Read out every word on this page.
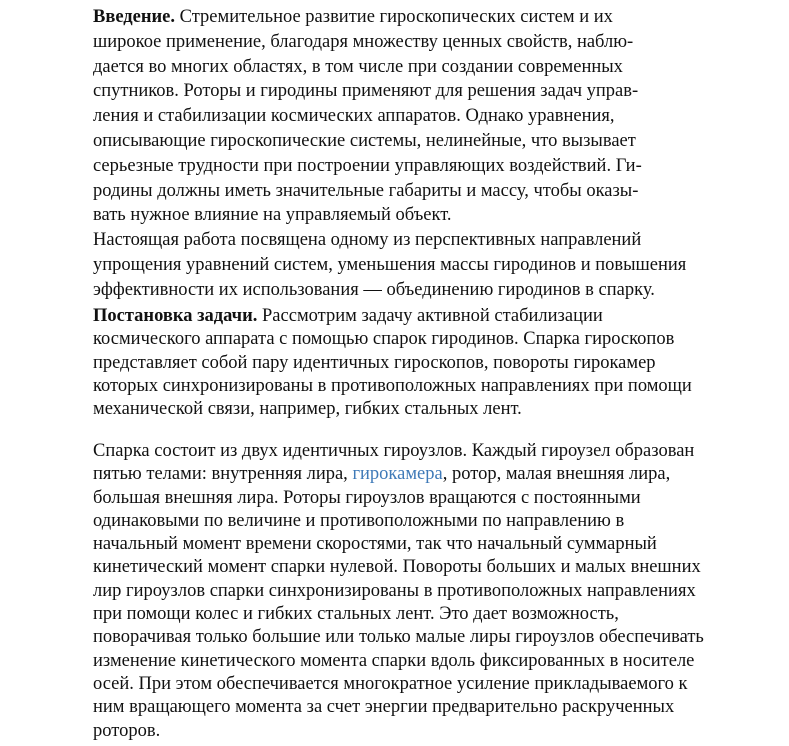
Введение. Стремительное развитие гироскопических систем и их
широкое применение, благодаря множеству ценных свойств, наблю-
дается во многих областях, в том числе при создании современных
спутников. Роторы и гиродины применяют для решения задач управ-
ления и стабилизации космических аппаратов. Однако уравнения,
описывающие гироскопические системы, нелинейные, что вызывает
серьезные трудности при построении управляющих воздействий. Ги-
родины должны иметь значительные габариты и массу, чтобы оказы-
вать нужное влияние на управляемый объект.
Настоящая работа посвящена одному из перспективных направлений
упрощения уравнений систем, уменьшения массы гиродинов и повышения
эффективности их использования — объединению гиродинов в спарку.
Постановка задачи. Рассмотрим задачу активной стабилизации
космического аппарата с помощью спарок гиродинов. Спарка гироскопов
представляет собой пару идентичных гироскопов, повороты гирокамер
которых синхронизированы в противоположных направлениях при помощи
механической связи, например, гибких стальных лент.
Спарка состоит из двух идентичных гироузлов. Каждый гироузел образован
пятью телами: внутренняя лира, гирокамера, ротор, малая внешняя лира,
большая внешняя лира. Роторы гироузлов вращаются с постоянными
одинаковыми по величине и противоположными по направлению в
начальный момент времени скоростями, так что начальный суммарный
кинетический момент спарки нулевой. Повороты больших и малых внешних
лир гироузлов спарки синхронизированы в противоположных направлениях
при помощи колес и гибких стальных лент. Это дает возможность,
поворачивая только большие или только малые лиры гироузлов обеспечивать
изменение кинетического момента спарки вдоль фиксированных в носителе
осей. При этом обеспечивается многократное усиление прикладываемого к
ним вращающего момента за счет энергии предварительно раскрученных
роторов.
